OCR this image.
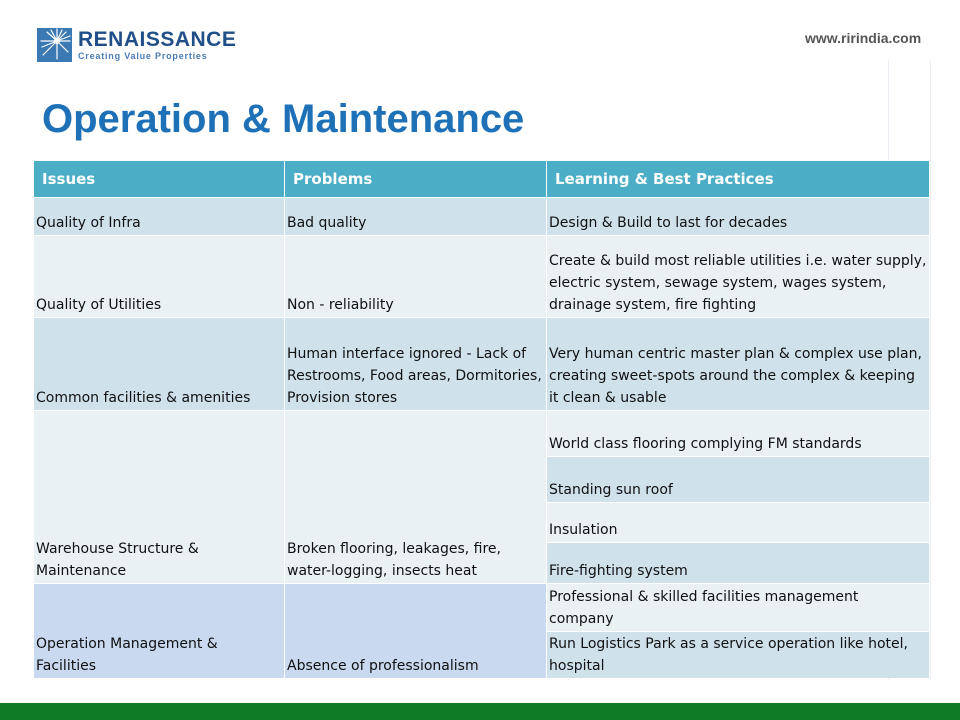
RENAISSANCE
Creating Value Properties
www.ririndia.com
Operation & Maintenance
Issues	Problems	Learning & Best Practices
Quality of Infra	Bad quality	Design & Build to last for decades
Quality of Utilities	Non - reliability	Create & build most reliable utilities i.e. water supply, electric system, sewage system, wages system, drainage system, fire fighting
Common facilities & amenities	Human interface ignored - Lack of Restrooms, Food areas, Dormitories, Provision stores	Very human centric master plan & complex use plan, creating sweet-spots around the complex & keeping it clean & usable
Warehouse Structure & Maintenance	Broken flooring, leakages, fire, water-logging, insects heat	World class flooring complying FM standards
		Standing sun roof
		Insulation
		Fire-fighting system
Operation Management & Facilities	Absence of professionalism	Professional & skilled facilities management company
		Run Logistics Park as a service operation like hotel, hospital
